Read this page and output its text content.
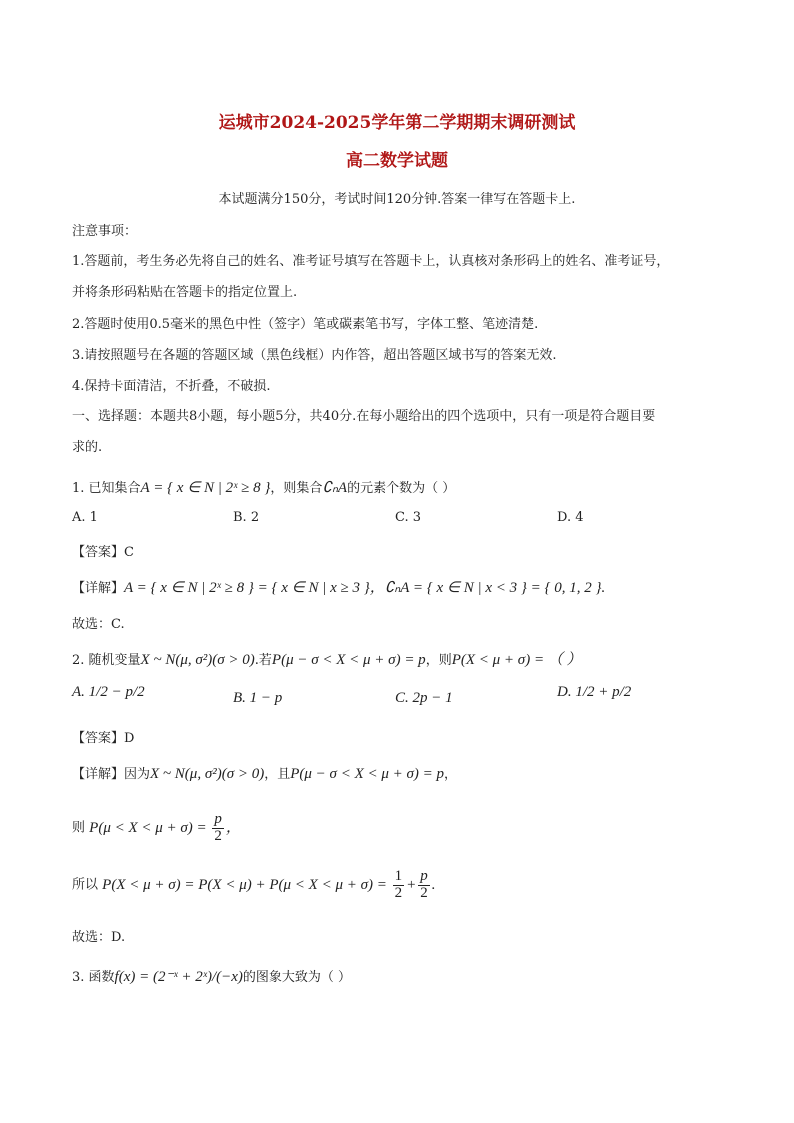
运城市2024-2025学年第二学期期末调研测试
高二数学试题
本试题满分150分，考试时间120分钟.答案一律写在答题卡上.
注意事项：
1.答题前，考生务必先将自己的姓名、准考证号填写在答题卡上，认真核对条形码上的姓名、准考证号，
并将条形码粘贴在答题卡的指定位置上.
2.答题时使用0.5毫米的黑色中性（签字）笔或碳素笔书写，字体工整、笔迹清楚.
3.请按照题号在各题的答题区域（黑色线框）内作答，超出答题区域书写的答案无效.
4.保持卡面清洁，不折叠，不破损.
一、选择题：本题共8小题，每小题5分，共40分.在每小题给出的四个选项中，只有一项是符合题目要
求的.
1. 已知集合A = { x ∈ N | 2ˣ ≥ 8 }，则集合∁ₙA的元素个数为（ ）
A. 1	B. 2	C. 3	D. 4
【答案】C
【详解】A = { x ∈ N | 2ˣ ≥ 8 } = { x ∈ N | x ≥ 3 }，∁ₙA = { x ∈ N | x < 3 } = { 0, 1, 2 }.
故选：C.
2. 随机变量X ~ N(μ, σ²)(σ > 0).若P(μ − σ < X < μ + σ) = p，则P(X < μ + σ) = （ ）
A. 1/2 − p/2	B. 1 − p	C. 2p − 1	D. 1/2 + p/2
【答案】D
【详解】因为X ~ N(μ, σ²)(σ > 0)，且P(μ − σ < X < μ + σ) = p，
则 $P(\mu < X < \mu + \sigma) = \frac{p}{2}$ ，
所以 $P(X < \mu + \sigma) = P(X < \mu) + P(\mu < X < \mu + \sigma) = \frac{1}{2} + \frac{p}{2}$ .
故选：D.
3. 函数f(x) = (2⁻ˣ + 2ˣ)/(−x)的图象大致为（ ）
